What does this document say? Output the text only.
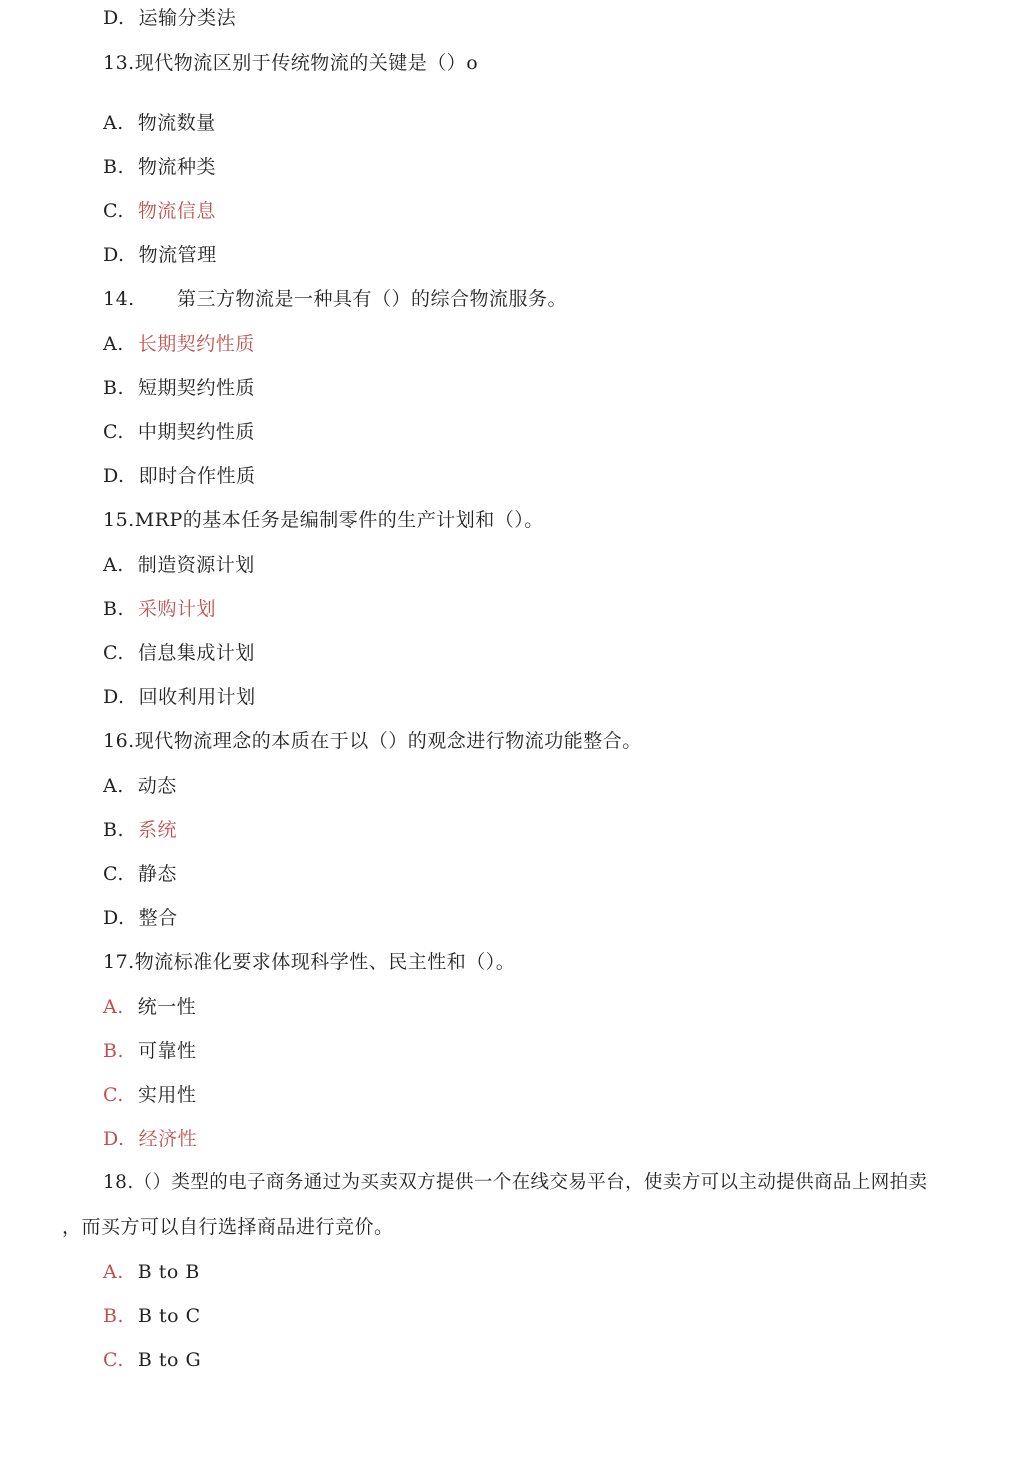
D. 运输分类法
13.现代物流区别于传统物流的关键是（）o
A. 物流数量
B. 物流种类
C. 物流信息
D. 物流管理
14. 第三方物流是一种具有（）的综合物流服务。
A. 长期契约性质
B. 短期契约性质
C. 中期契约性质
D. 即时合作性质
15.MRP的基本任务是编制零件的生产计划和（）。
A. 制造资源计划
B. 采购计划
C. 信息集成计划
D. 回收利用计划
16.现代物流理念的本质在于以（）的观念进行物流功能整合。
A. 动态
B. 系统
C. 静态
D. 整合
17.物流标准化要求体现科学性、民主性和（）。
A. 统一性
B. 可靠性
C. 实用性
D. 经济性
18.（）类型的电子商务通过为买卖双方提供一个在线交易平台，使卖方可以主动提供商品上网拍卖
，而买方可以自行选择商品进行竞价。
A. B to B
B. B to C
C. B to G
